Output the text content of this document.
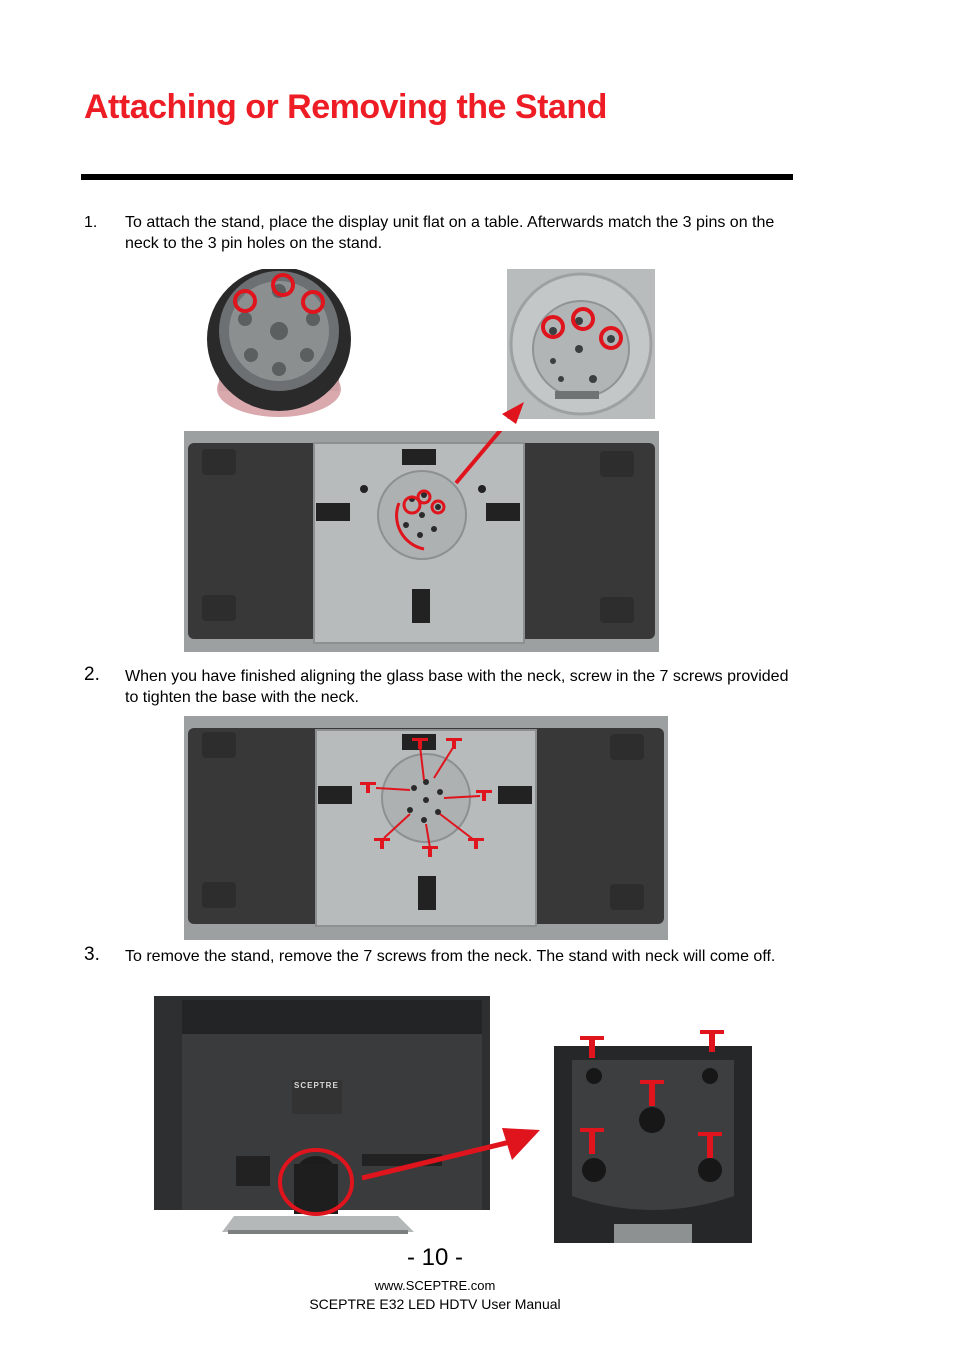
Attaching or Removing the Stand
1. To attach the stand, place the display unit flat on a table. Afterwards match the 3 pins on the neck to the 3 pin holes on the stand.
2. When you have finished aligning the glass base with the neck, screw in the 7 screws provided to tighten the base with the neck.
3. To remove the stand, remove the 7 screws from the neck. The stand with neck will come off.
SCEPTRE
- 10 -
www.SCEPTRE.com
SCEPTRE E32 LED HDTV User Manual
